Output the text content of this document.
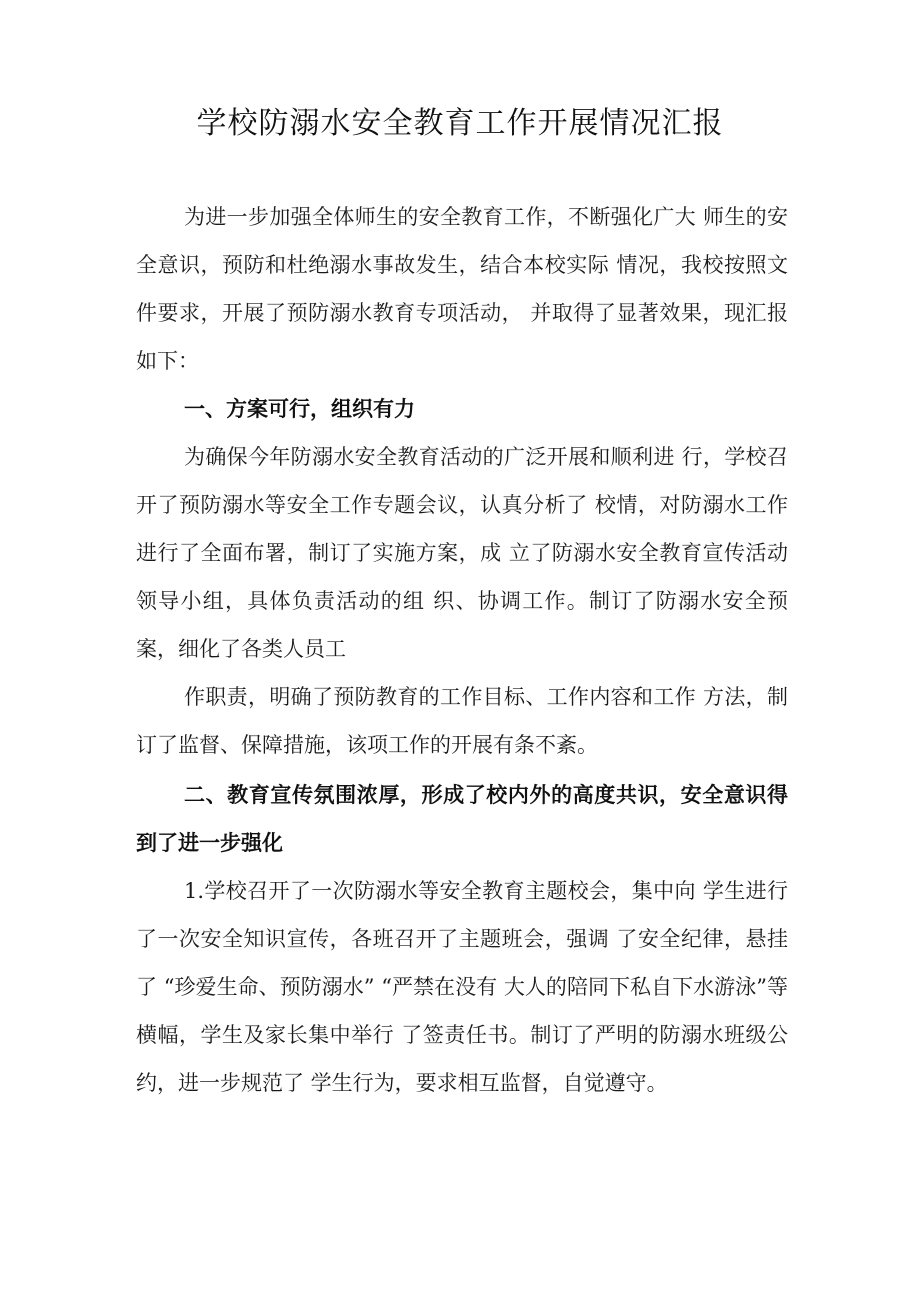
学校防溺水安全教育工作开展情况汇报

为进一步加强全体师生的安全教育工作，不断强化广大 师生的安全意识，预防和杜绝溺水事故发生，结合本校实际 情况，我校按照文件要求，开展了预防溺水教育专项活动， 并取得了显著效果，现汇报如下：

一、方案可行，组织有力

为确保今年防溺水安全教育活动的广泛开展和顺利进 行，学校召开了预防溺水等安全工作专题会议，认真分析了 校情，对防溺水工作进行了全面布署，制订了实施方案，成 立了防溺水安全教育宣传活动领导小组，具体负责活动的组 织、协调工作。制订了防溺水安全预案，细化了各类人员工

作职责，明确了预防教育的工作目标、工作内容和工作 方法，制订了监督、保障措施，该项工作的开展有条不紊。

二、教育宣传氛围浓厚，形成了校内外的高度共识，安全意识得到了进一步强化

1.学校召开了一次防溺水等安全教育主题校会，集中向 学生进行了一次安全知识宣传，各班召开了主题班会，强调 了安全纪律，悬挂了 “珍爱生命、预防溺水” “严禁在没有 大人的陪同下私自下水游泳”等横幅，学生及家长集中举行 了签责任书。制订了严明的防溺水班级公约，进一步规范了 学生行为，要求相互监督，自觉遵守。
